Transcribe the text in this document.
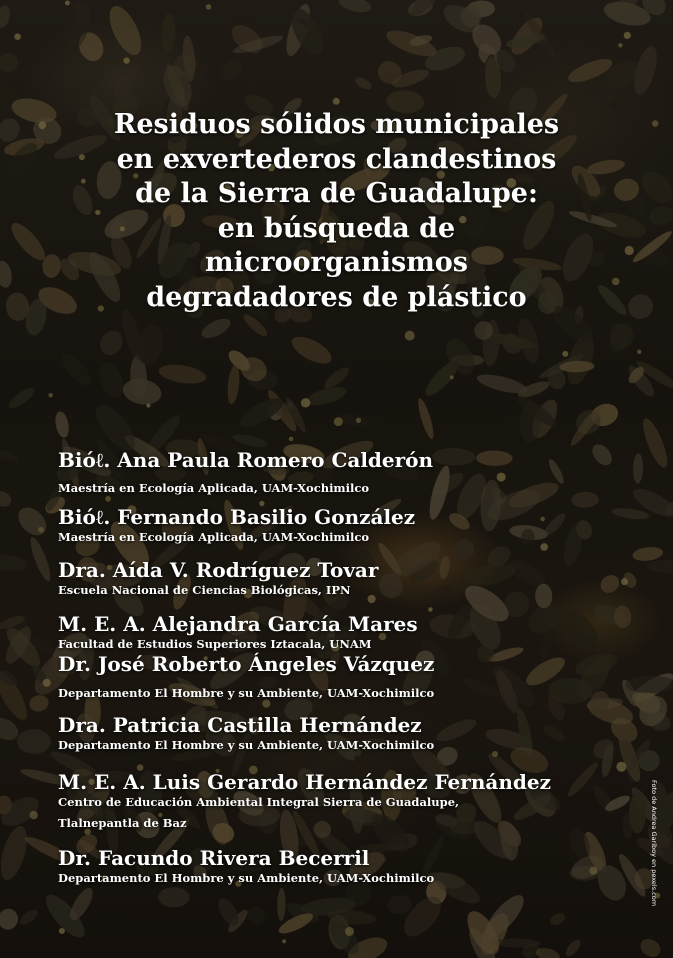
Residuos sólidos municipales
en exvertederos clandestinos
de la Sierra de Guadalupe:
en búsqueda de
microorganismos
degradadores de plástico
Bióℓ. Ana Paula Romero Calderón
Maestría en Ecología Aplicada, UAM-Xochimilco
Bióℓ. Fernando Basilio González
Maestría en Ecología Aplicada, UAM-Xochimilco
Dra. Aída V. Rodríguez Tovar
Escuela Nacional de Ciencias Biológicas, IPN
M. E. A. Alejandra García Mares
Facultad de Estudios Superiores Iztacala, UNAM
Dr. José Roberto Ángeles Vázquez
Departamento El Hombre y su Ambiente, UAM-Xochimilco
Dra. Patricia Castilla Hernández
Departamento El Hombre y su Ambiente, UAM-Xochimilco
M. E. A. Luis Gerardo Hernández Fernández
Centro de Educación Ambiental Integral Sierra de Guadalupe,
Tlalnepantla de Baz
Dr. Facundo Rivera Becerril
Departamento El Hombre y su Ambiente, UAM-Xochimilco	Foto de Andrea Gariboy en pexels.com
